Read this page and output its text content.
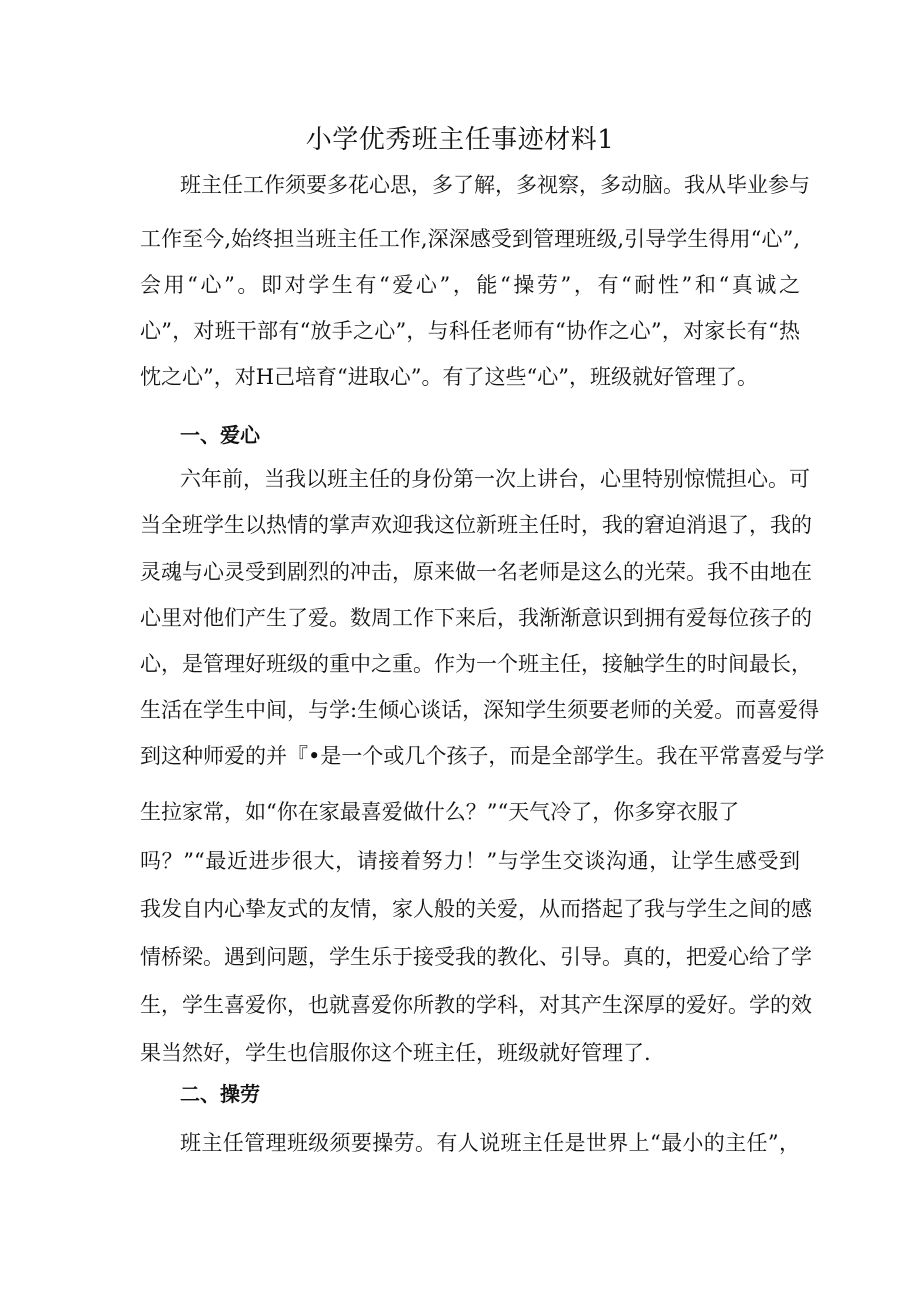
小学优秀班主任事迹材料1
班主任工作须要多花心思，多了解，多视察，多动脑。我从毕业参与
工作至今,始终担当班主任工作,深深感受到管理班级,引导学生得用“心”,
会用“心”。即对学生有“爱心”，能“操劳”，有“耐性”和“真诚之
心”，对班干部有“放手之心”，与科任老师有“协作之心”，对家长有“热
忱之心”，对H己培育“进取心”。有了这些“心”，班级就好管理了。
一、爱心
六年前，当我以班主任的身份第一次上讲台，心里特别惊慌担心。可
当全班学生以热情的掌声欢迎我这位新班主任时，我的窘迫消退了，我的
灵魂与心灵受到剧烈的冲击，原来做一名老师是这么的光荣。我不由地在
心里对他们产生了爱。数周工作下来后，我渐渐意识到拥有爱每位孩子的
心，是管理好班级的重中之重。作为一个班主任，接触学生的时间最长，
生活在学生中间，与学:生倾心谈话，深知学生须要老师的关爱。而喜爱得
到这种师爱的并『•是一个或几个孩子，而是全部学生。我在平常喜爱与学
生拉家常，如“你在家最喜爱做什么？”“天气冷了，你多穿衣服了
吗？”“最近进步很大，请接着努力！”与学生交谈沟通，让学生感受到
我发自内心挚友式的友情，家人般的关爱，从而搭起了我与学生之间的感
情桥梁。遇到问题，学生乐于接受我的教化、引导。真的，把爱心给了学
生，学生喜爱你，也就喜爱你所教的学科，对其产生深厚的爱好。学的效
果当然好，学生也信服你这个班主任，班级就好管理了.
二、操劳
班主任管理班级须要操劳。有人说班主任是世界上“最小的主任”，
